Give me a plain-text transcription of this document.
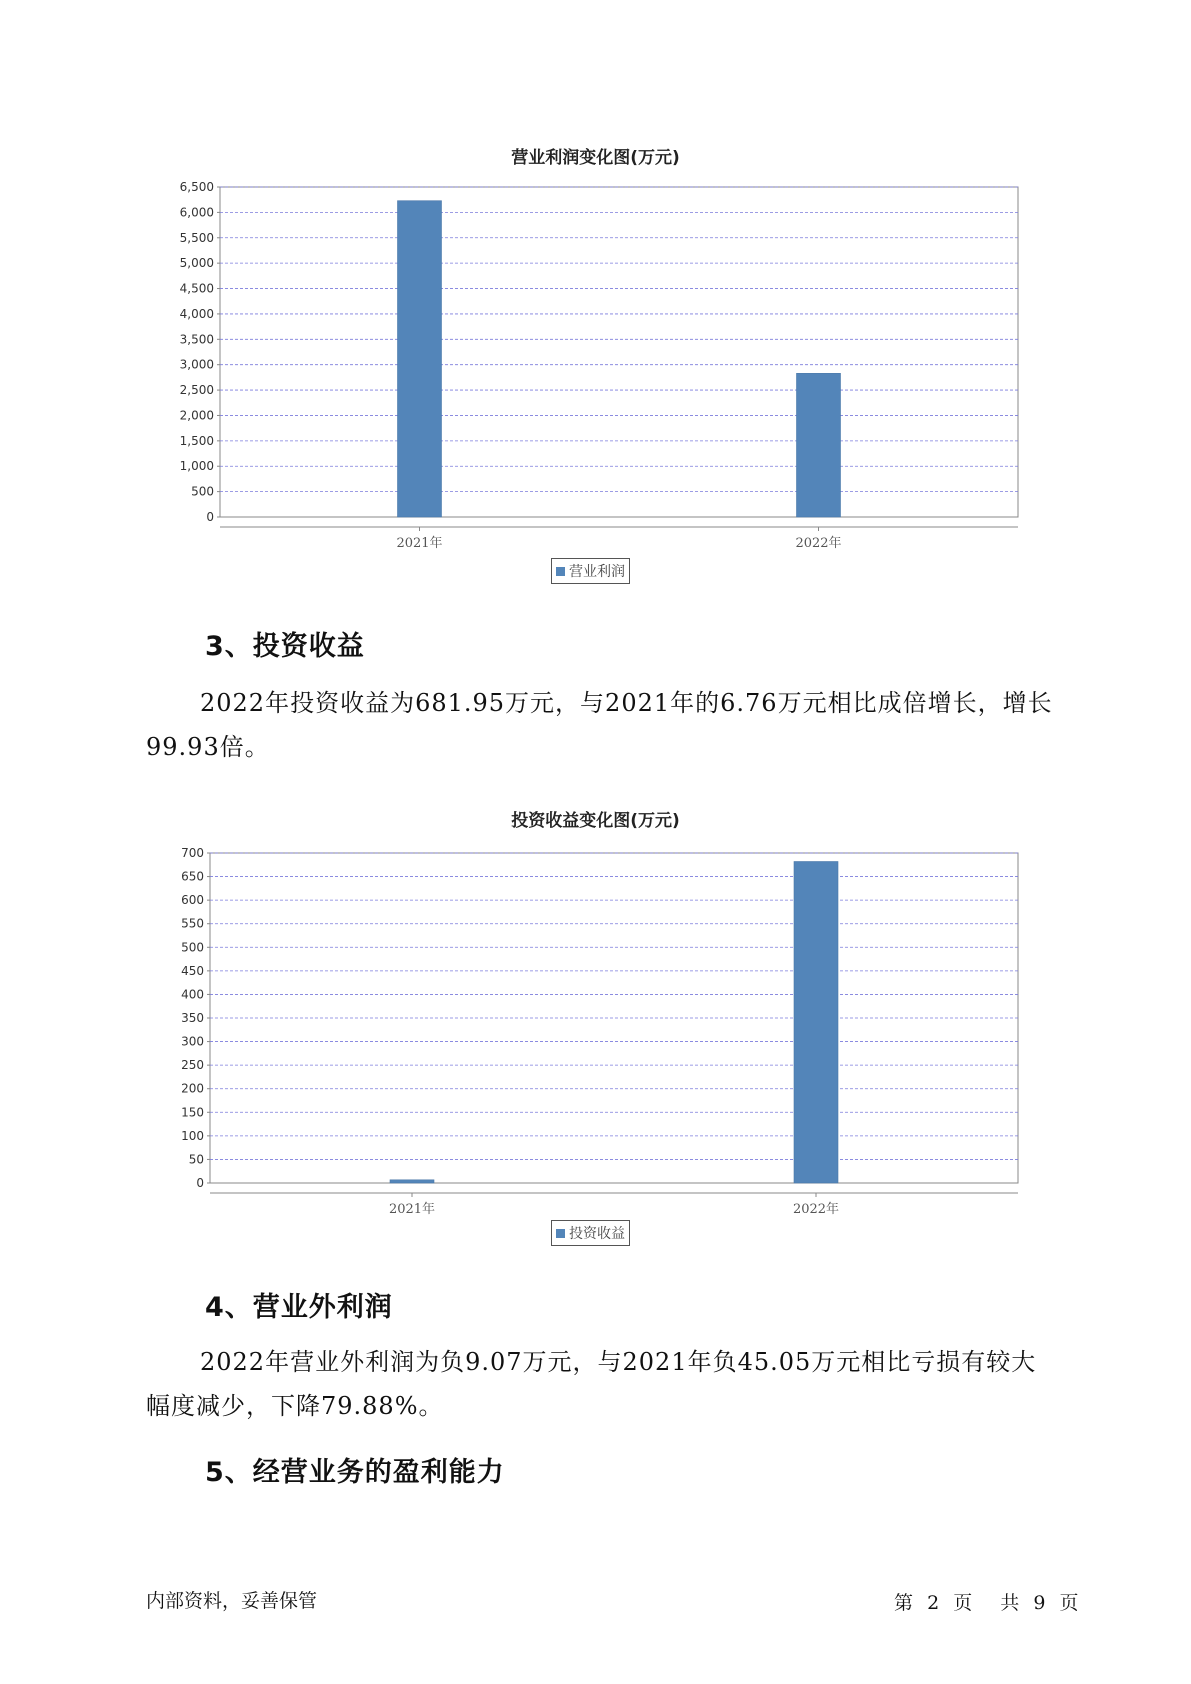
营业利润变化图(万元)
0
500
1,000
1,500
2,000
2,500
3,000
3,500
4,000
4,500
5,000
5,500
6,000
6,500
2021年	2022年
营业利润
3、投资收益

2022年投资收益为681.95万元，与2021年的6.76万元相比成倍增长，增长99.93倍。

投资收益变化图(万元)
0
50
100
150
200
250
300
350
400
450
500
550
600
650
700
2021年	2022年
投资收益
4、营业外利润

2022年营业外利润为负9.07万元，与2021年负45.05万元相比亏损有较大幅度减少，下降79.88%。

5、经营业务的盈利能力
内部资料，妥善保管	第 2 页 共 9 页
